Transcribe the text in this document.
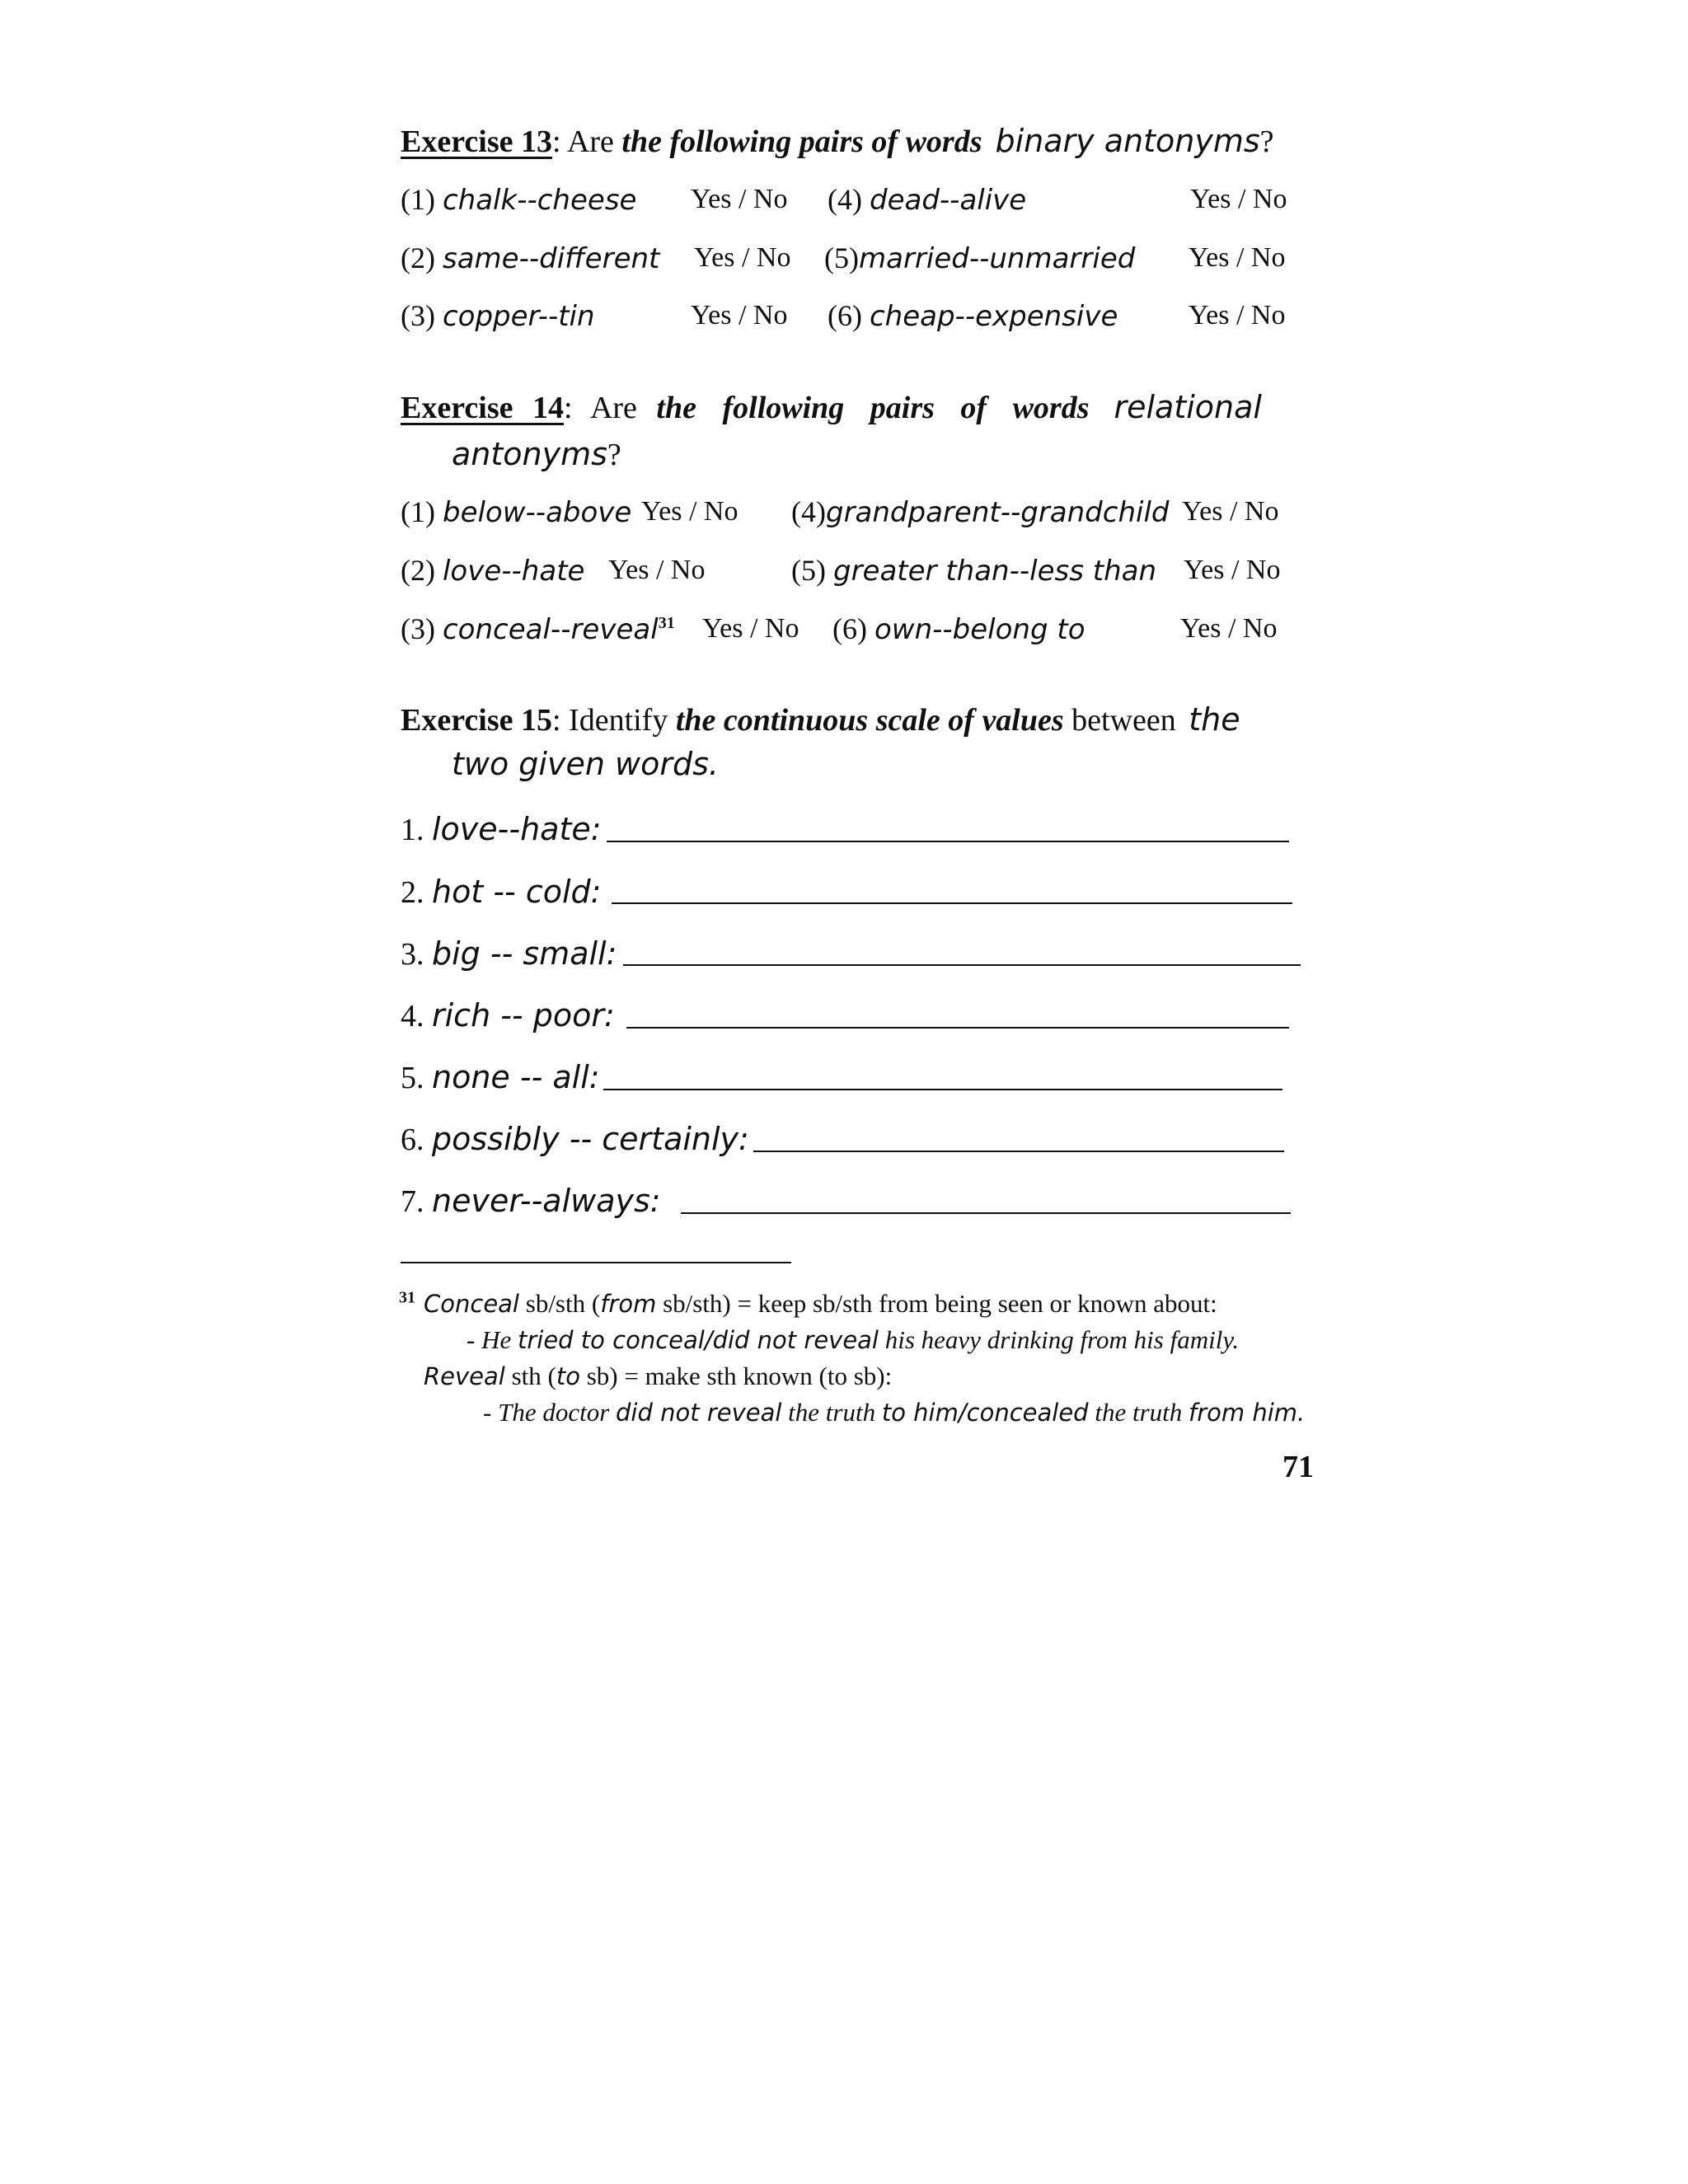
Exercise 13: Are the following pairs of words binary antonyms?
(1) chalk--cheese Yes / No (4) dead--alive	Yes / No
(2) same--different Yes / No (5)married--unmarried Yes / No
(3) copper--tin	Yes / No (6) cheap--expensive	Yes / No
Exercise 14: Are the following pairs of words relational
antonyms?
(1) below--above Yes / No (4)grandparent--grandchild Yes / No
(2) love--hate Yes / No	(5) greater than--less than Yes / No
(3) conceal--reveal$^{31}$ Yes / No (6) own--belong to	Yes / No
Exercise 15: Identify the continuous scale of values between the
two given words.
1. love--hate:
2. hot -- cold:
3. big -- small:
4. rich -- poor:
5. none -- all:
6. possibly -- certainly:
7. never--always:
$^{31}$ Conceal sb/sth (from sb/sth) = keep sb/sth from being seen or known about:
- He tried to conceal/did not reveal his heavy drinking from his family.
Reveal sth (to sb) = make sth known (to sb):
- The doctor did not reveal the truth to him/concealed the truth from him.
71
